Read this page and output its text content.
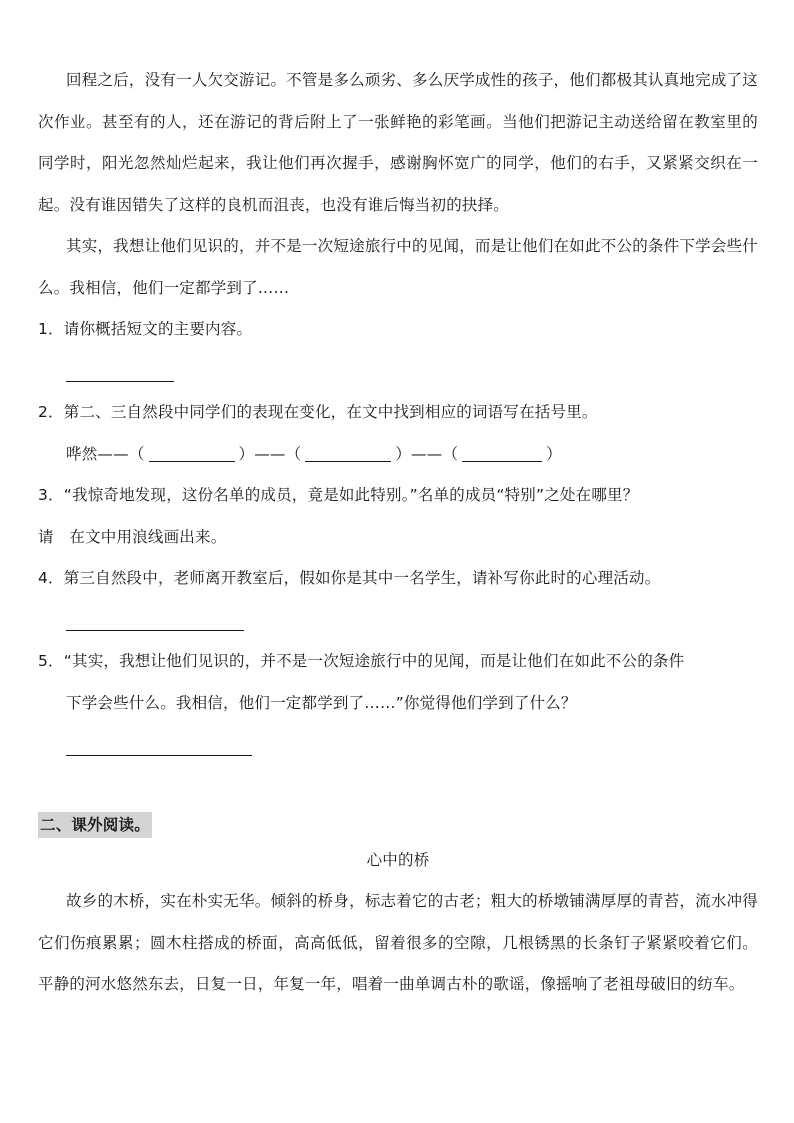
回程之后，没有一人欠交游记。不管是多么顽劣、多么厌学成性的孩子，他们都极其认真地完成了这次作业。甚至有的人，还在游记的背后附上了一张鲜艳的彩笔画。当他们把游记主动送给留在教室里的同学时，阳光忽然灿烂起来，我让他们再次握手，感谢胸怀宽广的同学，他们的右手，又紧紧交织在一起。没有谁因错失了这样的良机而沮丧，也没有谁后悔当初的抉择。

其实，我想让他们见识的，并不是一次短途旅行中的见闻，而是让他们在如此不公的条件下学会些什么。我相信，他们一定都学到了……

1．请你概括短文的主要内容。

2．第二、三自然段中同学们的表现在变化，在文中找到相应的词语写在括号里。

哗然 —— （	） —— （	） —— （	）

3．“我惊奇地发现，这份名单的成员，竟是如此特别。”名单的成员“特别”之处在哪里？

请　在文中用浪线画出来。

4．第三自然段中，老师离开教室后，假如你是其中一名学生，请补写你此时的心理活动。

5．“其实，我想让他们见识的，并不是一次短途旅行中的见闻，而是让他们在如此不公的条件

下学会些什么。我相信，他们一定都学到了……”你觉得他们学到了什么？

二、课外阅读。

心中的桥

故乡的木桥，实在朴实无华。倾斜的桥身，标志着它的古老；粗大的桥墩铺满厚厚的青苔，流水冲得它们伤痕累累；圆木柱搭成的桥面，高高低低，留着很多的空隙，几根锈黑的长条钉子紧紧咬着它们。平静的河水悠然东去，日复一日，年复一年，唱着一曲单调古朴的歌谣，像摇响了老祖母破旧的纺车。
